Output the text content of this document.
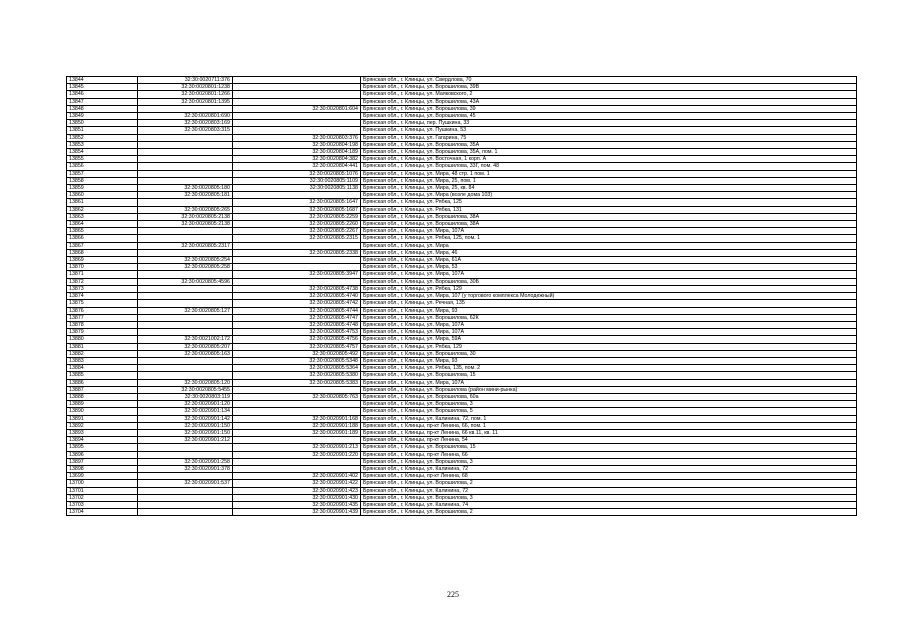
13844	32:30:0020711:376		Брянская обл., г. Клинцы, ул. Свердлова, 70
13845	32:30:0020801:1238		Брянская обл., г. Клинцы, ул. Ворошилова, 39В
13846	32:30:0020801:1266		Брянская обл., г. Клинцы, ул. Маяковского, 2
13847	32:30:0020801:1395		Брянская обл., г. Клинцы, ул. Ворошилова, 43А
13848		32:30:0020801:604	Брянская обл., г. Клинцы, ул. Ворошилова, 39
13849	32:30:0020801:690		Брянская обл., г. Клинцы, ул. Ворошилова, 45
13850	32:30:0020803:169		Брянская обл., г. Клинцы, пер. Пушкина, 33
13851	32:30:0020803:315		Брянская обл., г. Клинцы, ул. Пушкина, 53
13852		32:30:0020803:376	Брянская обл., г. Клинцы, ул. Гагарина, 75
13853		32:30:0020804:198	Брянская обл., г. Клинцы, ул. Ворошилова, 35А
13854		32:30:0020804:189	Брянская обл., г. Клинцы, ул. Ворошилова, 35А, пом. 1
13855		32:30:0020804:382	Брянская обл., г. Клинцы, ул. Восточная, 1 корп. А
13856		32:30:0020804:441	Брянская обл., г. Клинцы, ул. Ворошилова, 33Г, пом. 48
13857		32:30:0020805:1076	Брянская обл., г. Клинцы, ул. Мира, 48 стр. 1 пом. 1
13858		32:30:0020805:1109	Брянская обл., г. Клинцы, ул. Мира, 25, пом. 1
13859	32:30:0020805:180	32:30:0020805:1138	Брянская обл., г. Клинцы, ул. Мира, 25, кв. 84
13860	32:30:0020805:181		Брянская обл., г. Клинцы, ул. Мира (возле дома 103)
13861		32:30:0020805:1647	Брянская обл., г. Клинцы, ул. Рябка, 125
13862	32:30:0020805:265	32:30:0020805:1687	Брянская обл., г. Клинцы, ул. Рябка, 131
13863	32:30:0020805:2138	32:30:0020805:2259	Брянская обл., г. Клинцы, ул. Ворошилова, 38А
13864	32:30:0020805:2138	32:30:0020805:2260	Брянская обл., г. Клинцы, ул. Ворошилова, 38А
13865		32:30:0020805:2267	Брянская обл., г. Клинцы, ул. Мира, 107А
13866		32:30:0020805:2315	Брянская обл., г. Клинцы, ул. Рябка, 125, пом. 1
13867	32:30:0020805:2317		Брянская обл., г. Клинцы, ул. Мира
13868		32:30:0020805:2338	Брянская обл., г. Клинцы, ул. Мира, 46
13869	32:30:0020805:254		Брянская обл., г. Клинцы, ул. Мира, 61А
13870	32:30:0020805:258		Брянская обл., г. Клинцы, ул. Мира, 53
13871		32:30:0020805:3947	Брянская обл., г. Клинцы, ул. Мира, 107А
13872	32:30:0020805:4596		Брянская обл., г. Клинцы, ул. Ворошилова, 30Б
13873		32:30:0020805:4738	Брянская обл., г. Клинцы, ул. Рябка, 129
13874		32:30:0020805:4740	Брянская обл., г. Клинцы, ул. Мира, 107 (у торгового комплекса Молодежный)
13875		32:30:0020805:4742	Брянская обл., г. Клинцы, ул. Речная, 135
13876	32:30:0020805:127	32:30:0020805:4744	Брянская обл., г. Клинцы, ул. Мира, 93
13877		32:30:0020805:4747	Брянская обл., г. Клинцы, ул. Ворошилова, 62К
13878		32:30:0020805:4748	Брянская обл., г. Клинцы, ул. Мира, 107А
13879		32:30:0020805:4753	Брянская обл., г. Клинцы, ул. Мира, 107А
13880	32:30:0021002:172	32:30:0020805:4756	Брянская обл., г. Клинцы, ул. Мира, 59А
13881	32:30:0020805:207	32:30:0020805:4757	Брянская обл., г. Клинцы, ул. Рябка, 129
13882	32:30:0020805:163	32:30:0020805:492	Брянская обл., г. Клинцы, ул. Ворошилова, 30
13883		32:30:0020805:5348	Брянская обл., г. Клинцы, ул. Мира, 93
13884		32:30:0020805:5364	Брянская обл., г. Клинцы, ул. Рябка, 135, пом. 2
13885		32:30:0020805:5380	Брянская обл., г. Клинцы, ул. Ворошилова, 15
13886	32:30:0020805:120	32:30:0020805:5383	Брянская обл., г. Клинцы, ул. Мира, 107А
13887	32:30:0020805:5455		Брянская обл., г. Клинцы, ул. Ворошилова (район мини-рынка)
13888	32:30:0020803:119	32:30:0020805:763	Брянская обл., г. Клинцы, ул. Ворошилова, 60а
13889	32:30:0020901:120		Брянская обл., г. Клинцы, ул. Ворошилова, 3
13890	32:30:0020901:134		Брянская обл., г. Клинцы, ул. Ворошилова, 5
13891	32:30:0020901:142	32:30:0020901:168	Брянская обл., г. Клинцы, ул. Калинина, 72, пом. 1
13892	32:30:0020901:150	32:30:0020901:188	Брянская обл., г. Клинцы, пр-кт Ленина, 66, пом. 1
13893	32:30:0020901:150	32:30:0020901:189	Брянская обл., г. Клинцы, пр-кт Ленина, 66 кв.11, кв. 11
13894	32:30:0020901:212		Брянская обл., г. Клинцы, пр-кт Ленина, 54
13895		32:30:0020901:213	Брянская обл., г. Клинцы, ул. Ворошилова, 15
13896		32:30:0020901:220	Брянская обл., г. Клинцы, пр-кт Ленина, 66
13897	32:30:0020901:258		Брянская обл., г. Клинцы, ул. Ворошилова, 3
13898	32:30:0020901:378		Брянская обл., г. Клинцы, ул. Калинина, 72
13699		32:30:0020901:402	Брянская обл., г. Клинцы, пр-кт Ленина, 68
13700	32:30:0020901:537	32:30:0020901:422	Брянская обл., г. Клинцы, ул. Ворошилова, 2
13701		32:30:0020901:423	Брянская обл., г. Клинцы, ул. Калинина, 72
13702		32:30:0020901:430	Брянская обл., г. Клинцы, ул. Ворошилова, 3
13703		32:30:0020901:435	Брянская обл., г. Клинцы, ул. Калинина, 74
13704		32:30:0020901:439	Брянская обл., г. Клинцы, ул. Ворошилова, 2
225
